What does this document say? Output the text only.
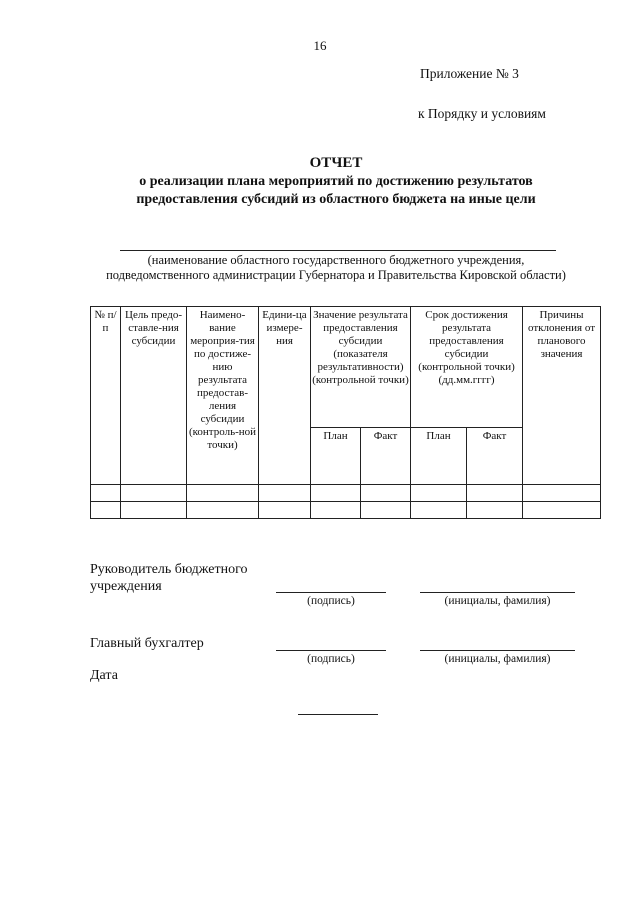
16
Приложение № 3
к Порядку и условиям
ОТЧЕТ
о реализации плана мероприятий по достижению результатов
предоставления субсидий из областного бюджета на иные цели
(наименование областного государственного бюджетного учреждения,
подведомственного администрации Губернатора и Правительства Кировской области)
№ п/п	Цель предо-ставле-ния субсидии	Наимено-вание мероприя-тия по достиже-нию результата предостав-ления субсидии (контроль-ной точки)	Едини-ца измере-ния	Значение результата предоставления субсидии (показателя результативности) (контрольной точки)		Срок достижения результата предоставления субсидии (контрольной точки) (дд.мм.гггг)		Причины отклонения от планового значения
				План	Факт	План	Факт	

Руководитель бюджетного учреждения
(подпись)	(инициалы, фамилия)
Главный бухгалтер
(подпись)	(инициалы, фамилия)
Дата
